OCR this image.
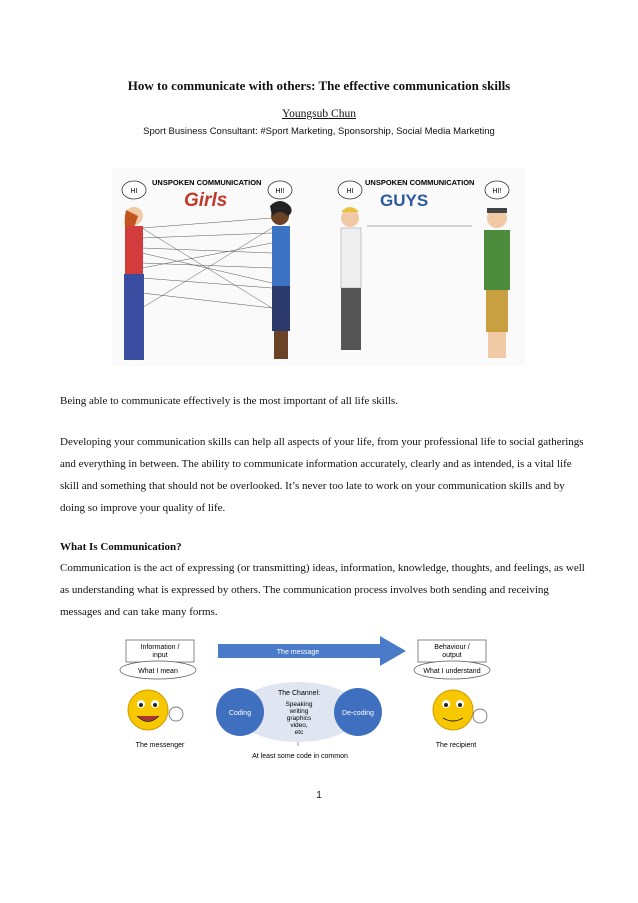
How to communicate with others: The effective communication skills
Youngsub Chun
Sport Business Consultant: #Sport Marketing, Sponsorship, Social Media Marketing
UNSPOKEN COMMUNICATION
Girls
HI	HI!
UNSPOKEN COMMUNICATION
GUYS
HI	HI!
Being able to communicate effectively is the most important of all life skills.
Developing your communication skills can help all aspects of your life, from your professional life to social gatherings and everything in between. The ability to communicate information accurately, clearly and as intended, is a vital life skill and something that should not be overlooked. It’s never too late to work on your communication skills and by doing so improve your quality of life.
What Is Communication?
Communication is the act of expressing (or transmitting) ideas, information, knowledge, thoughts, and feelings, as well as understanding what is expressed by others. The communication process involves both sending and receiving messages and can take many forms.
Information / input	The message
Behaviour / output
What I mean	What I understand
The messenger
Coding	De-coding
The Channel:
Speaking writing graphics video, etc
The recipient
At least some code in common
1
